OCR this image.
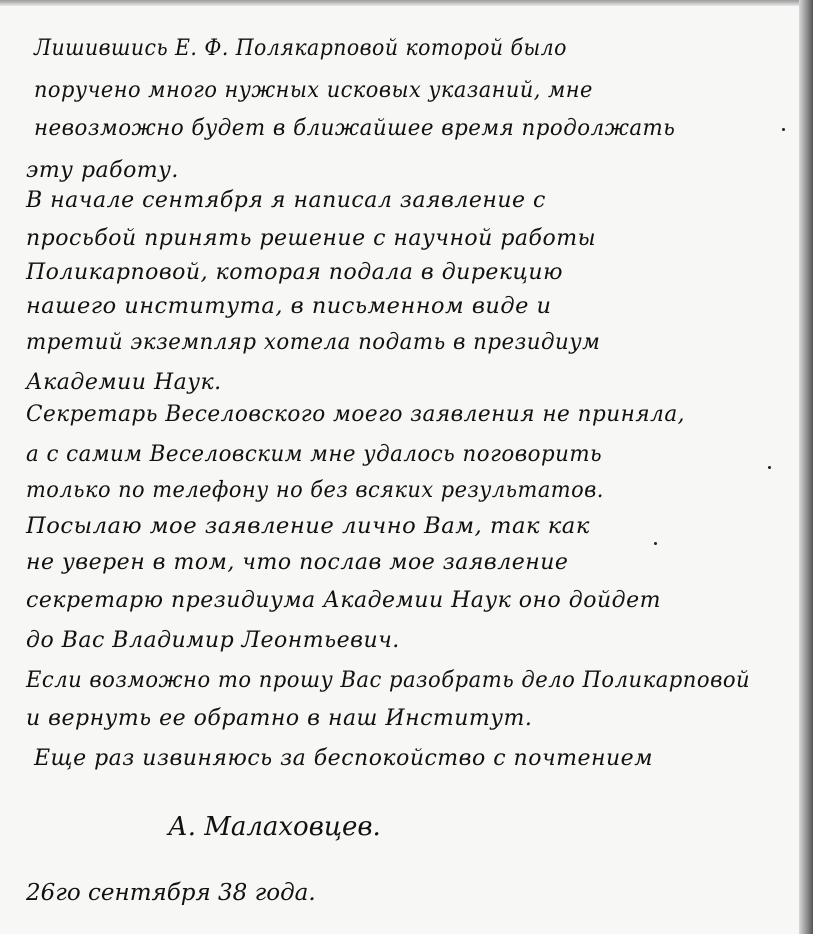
Лишившись Е. Ф. Полякарповой которой было
поручено много нужных исковых указаний, мне
невозможно будет в ближайшее время продолжать
эту работу.
В начале сентября я написал заявление с
просьбой принять решение с научной работы
Поликарповой, которая подала в дирекцию
нашего института, в письменном виде и
третий экземпляр хотела подать в президиум
Академии Наук.
Секретарь Веселовского моего заявления не приняла,
а с самим Веселовским мне удалось поговорить
только по телефону но без всяких результатов.
Посылаю мое заявление лично Вам, так как
не уверен в том, что послав мое заявление
секретарю президиума Академии Наук оно дойдет
до Вас Владимир Леонтьевич.
Если возможно то прошу Вас разобрать дело Поликарповой
и вернуть ее обратно в наш Институт.
Еще раз извиняюсь за беспокойство с почтением
А. Малаховцев.
26го сентября 38 года.
